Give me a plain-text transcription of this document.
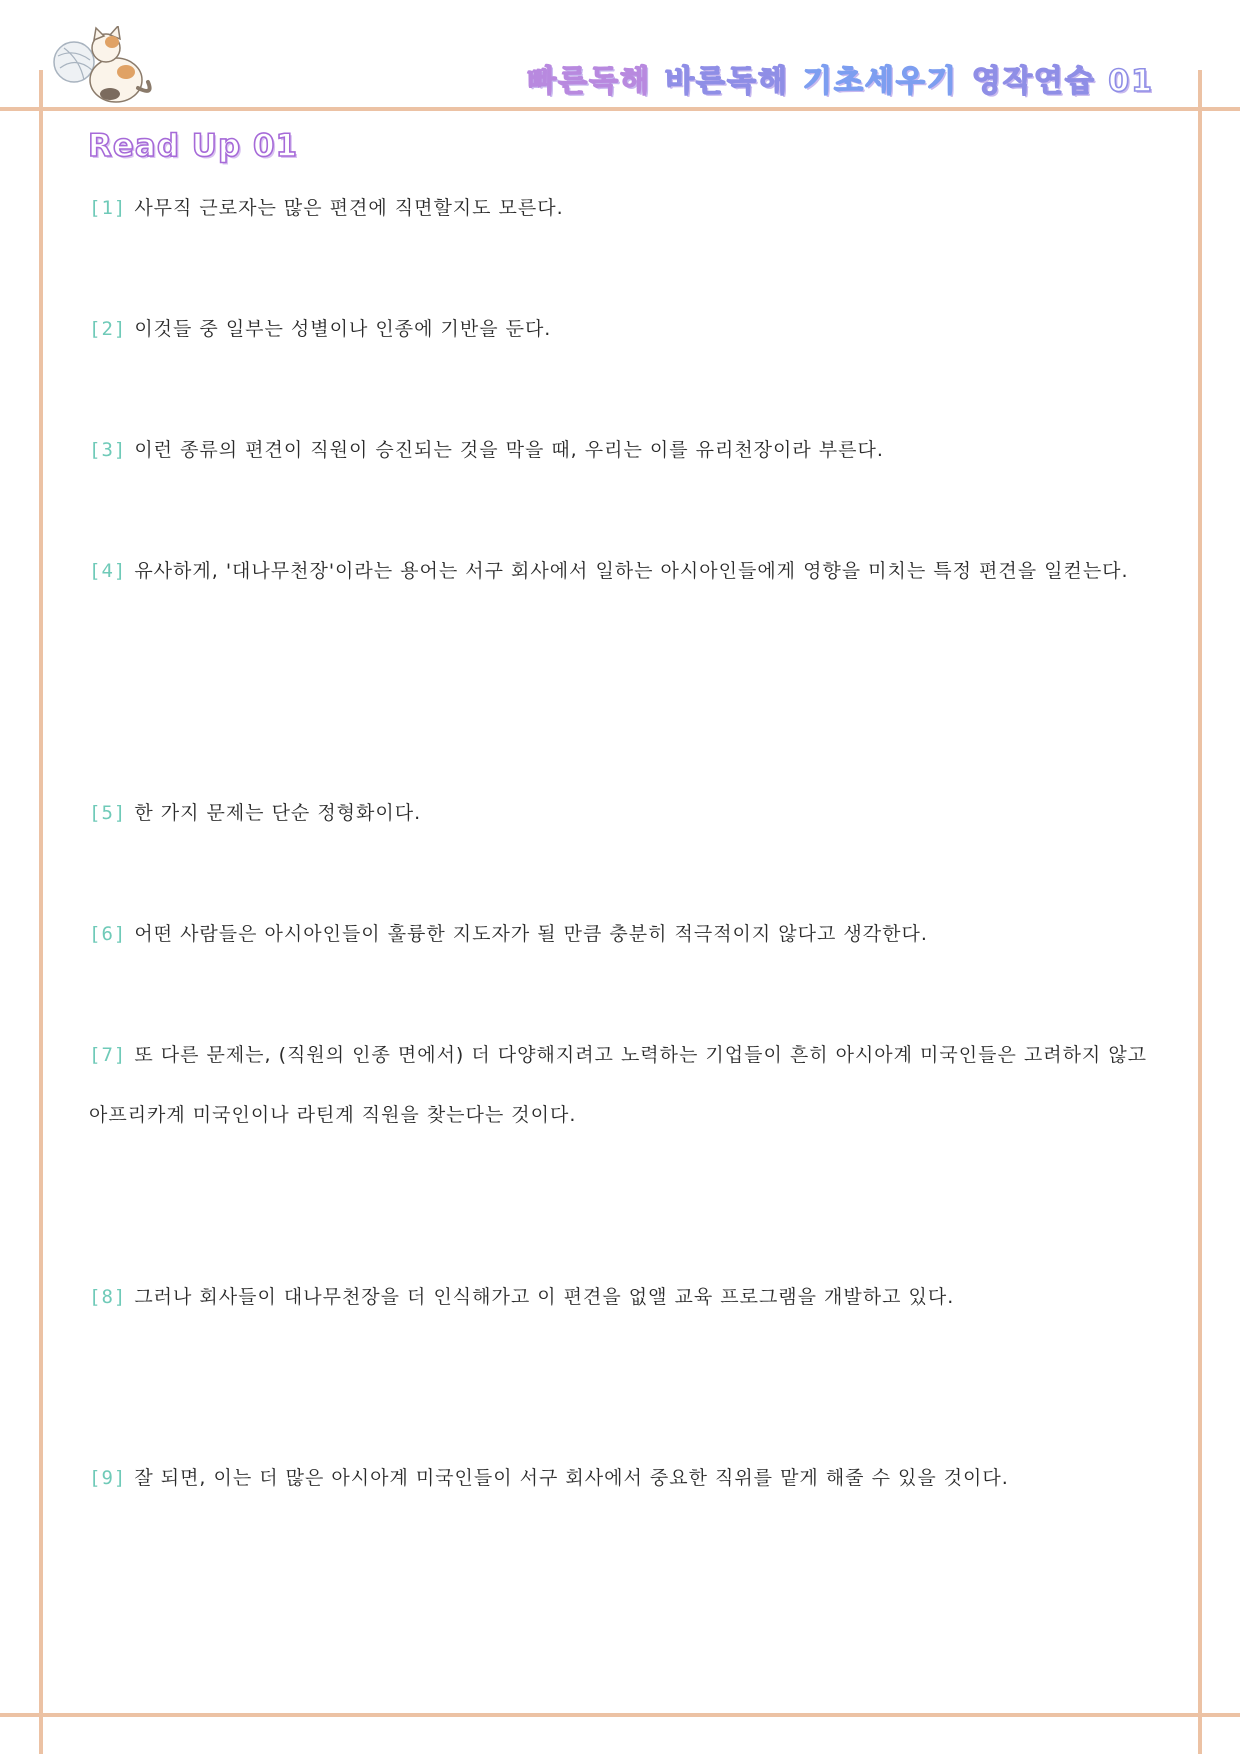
빠른독해 바른독해 기초세우기 영작연습 01
Read Up 01
[1] 사무직 근로자는 많은 편견에 직면할지도 모른다.
[2] 이것들 중 일부는 성별이나 인종에 기반을 둔다.
[3] 이런 종류의 편견이 직원이 승진되는 것을 막을 때, 우리는 이를 유리천장이라 부른다.
[4] 유사하게, '대나무천장'이라는 용어는 서구 회사에서 일하는 아시아인들에게 영향을 미치는 특정 편견을 일컫는다.
[5] 한 가지 문제는 단순 정형화이다.
[6] 어떤 사람들은 아시아인들이 훌륭한 지도자가 될 만큼 충분히 적극적이지 않다고 생각한다.
[7] 또 다른 문제는, (직원의 인종 면에서) 더 다양해지려고 노력하는 기업들이 흔히 아시아계 미국인들은 고려하지 않고 아프리카계 미국인이나 라틴계 직원을 찾는다는 것이다.
[8] 그러나 회사들이 대나무천장을 더 인식해가고 이 편견을 없앨 교육 프로그램을 개발하고 있다.
[9] 잘 되면, 이는 더 많은 아시아계 미국인들이 서구 회사에서 중요한 직위를 맡게 해줄 수 있을 것이다.
